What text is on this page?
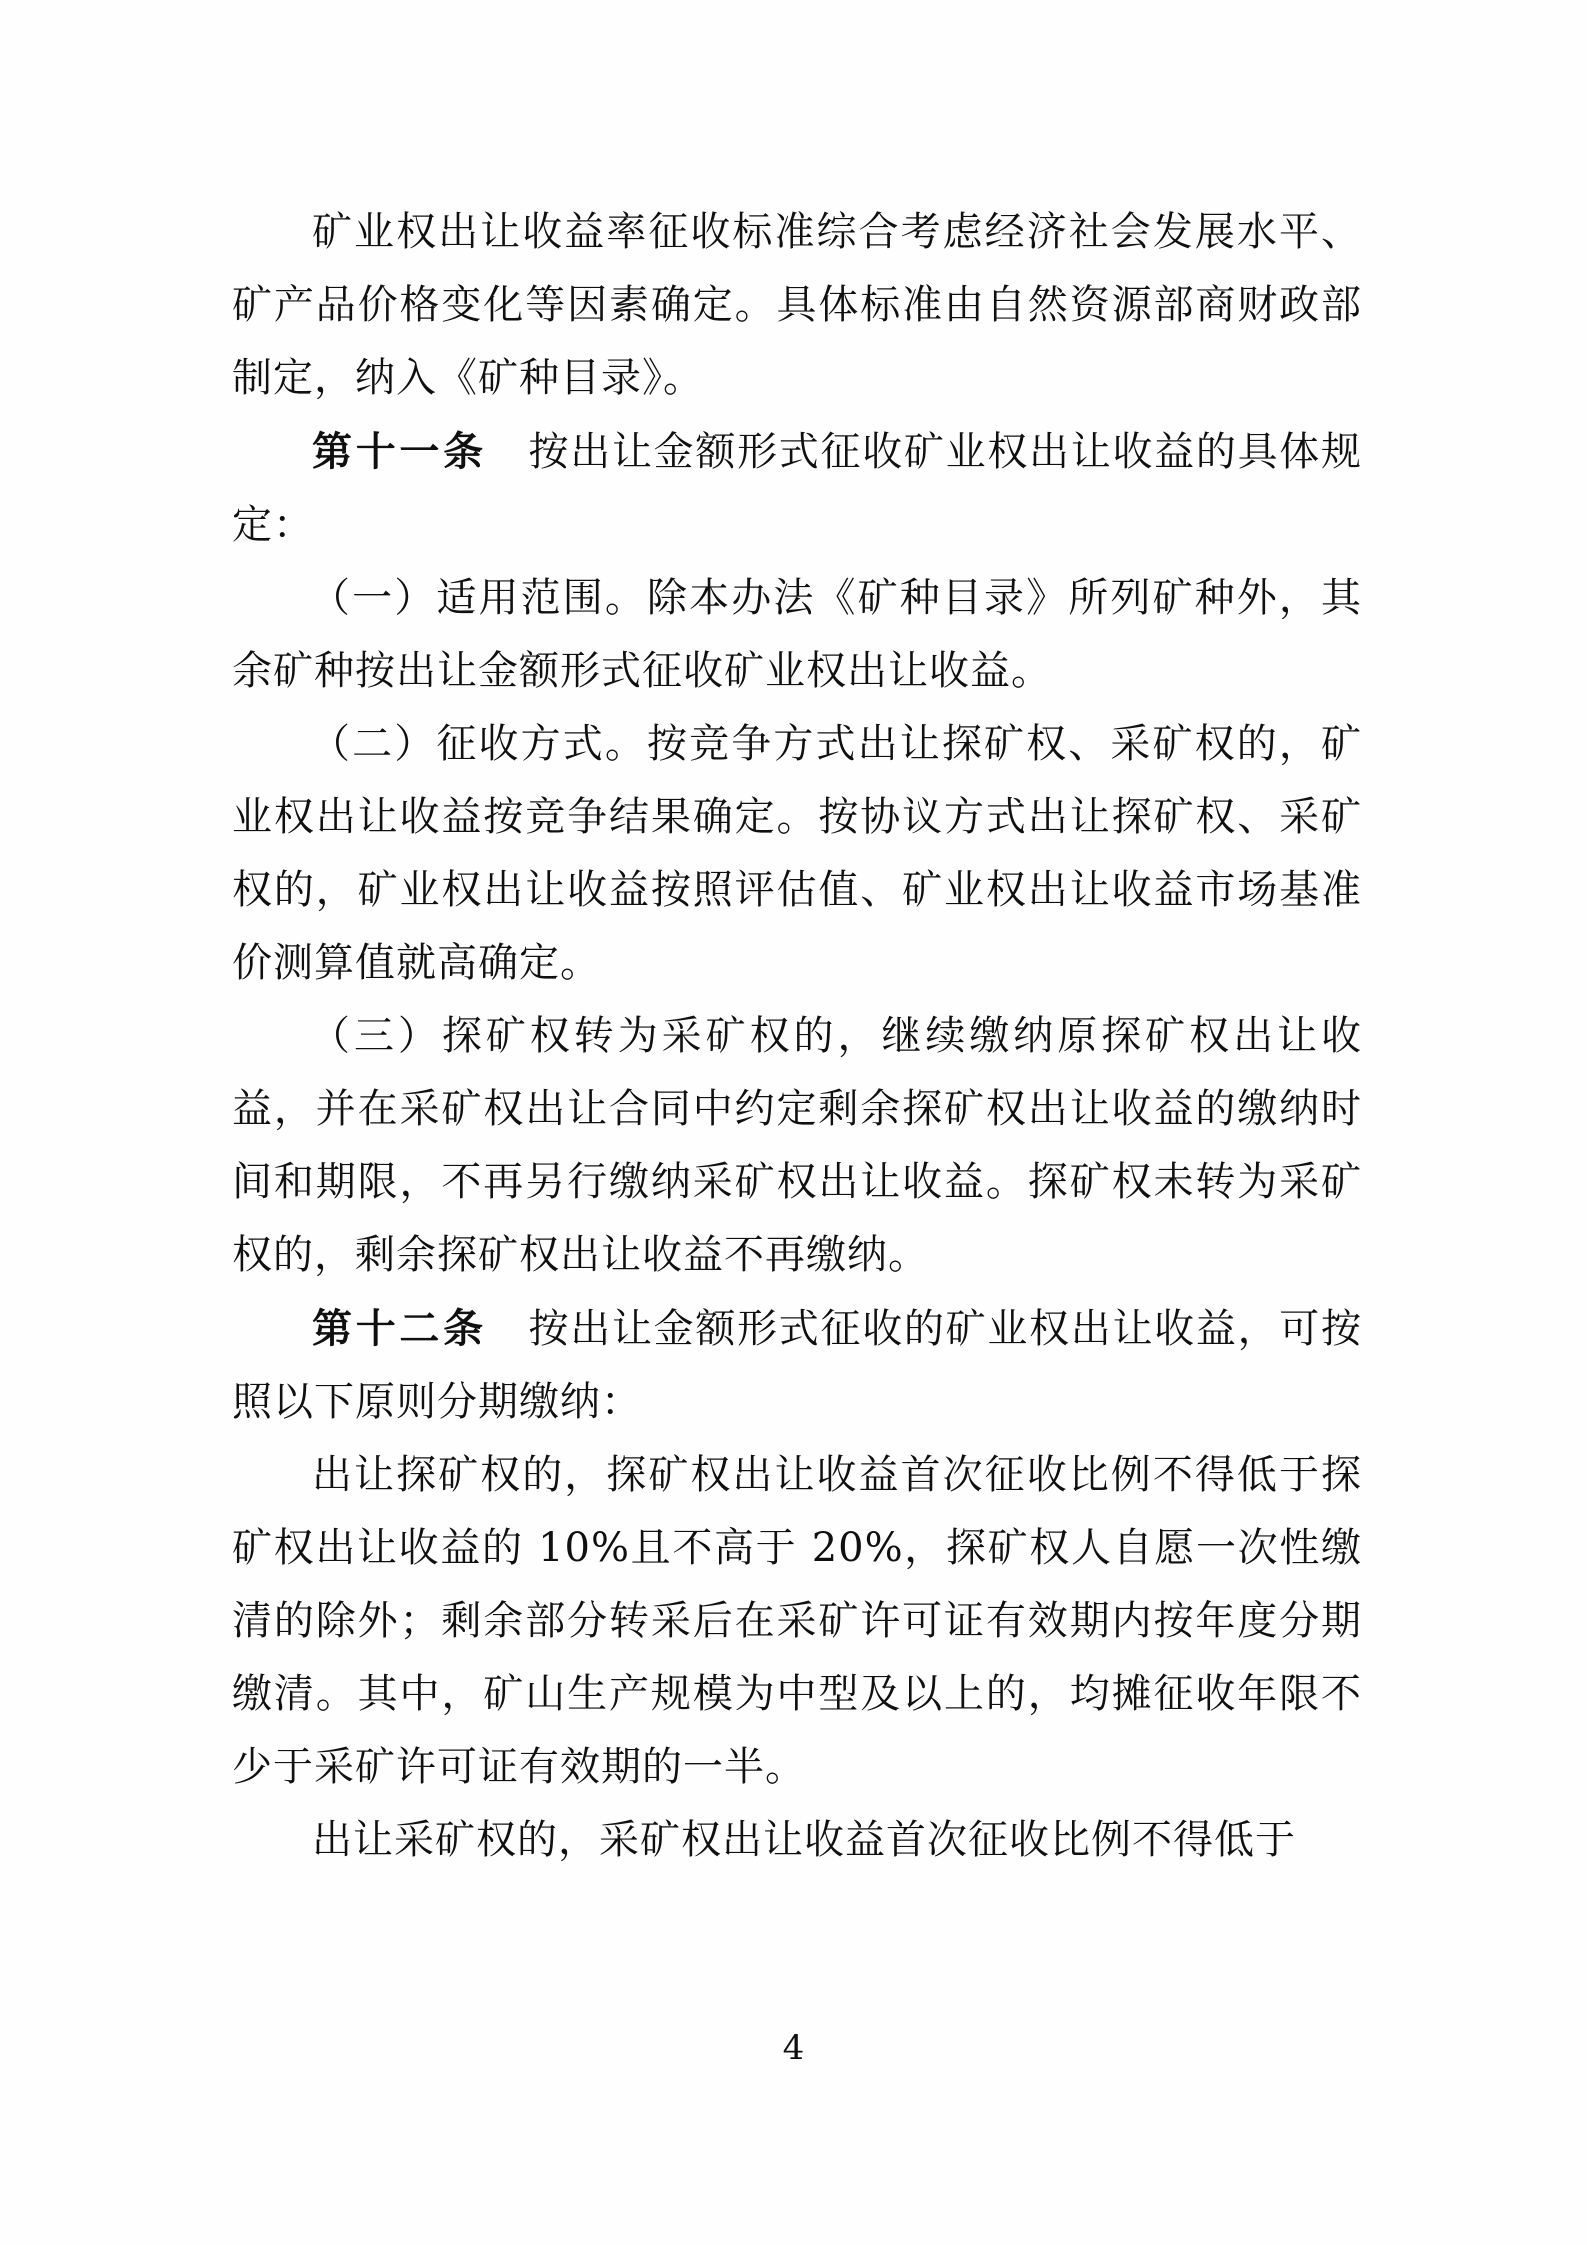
矿业权出让收益率征收标准综合考虑经济社会发展水平、矿产品价格变化等因素确定。具体标准由自然资源部商财政部制定，纳入《矿种目录》。

第十一条　按出让金额形式征收矿业权出让收益的具体规定：

（一）适用范围。除本办法《矿种目录》所列矿种外，其余矿种按出让金额形式征收矿业权出让收益。

（二）征收方式。按竞争方式出让探矿权、采矿权的，矿业权出让收益按竞争结果确定。按协议方式出让探矿权、采矿权的，矿业权出让收益按照评估值、矿业权出让收益市场基准价测算值就高确定。

（三）探矿权转为采矿权的，继续缴纳原探矿权出让收益，并在采矿权出让合同中约定剩余探矿权出让收益的缴纳时间和期限，不再另行缴纳采矿权出让收益。探矿权未转为采矿权的，剩余探矿权出让收益不再缴纳。

第十二条　按出让金额形式征收的矿业权出让收益，可按照以下原则分期缴纳：

出让探矿权的，探矿权出让收益首次征收比例不得低于探矿权出让收益的 10%且不高于 20%，探矿权人自愿一次性缴清的除外；剩余部分转采后在采矿许可证有效期内按年度分期缴清。其中，矿山生产规模为中型及以上的，均摊征收年限不少于采矿许可证有效期的一半。

出让采矿权的，采矿权出让收益首次征收比例不得低于

4
